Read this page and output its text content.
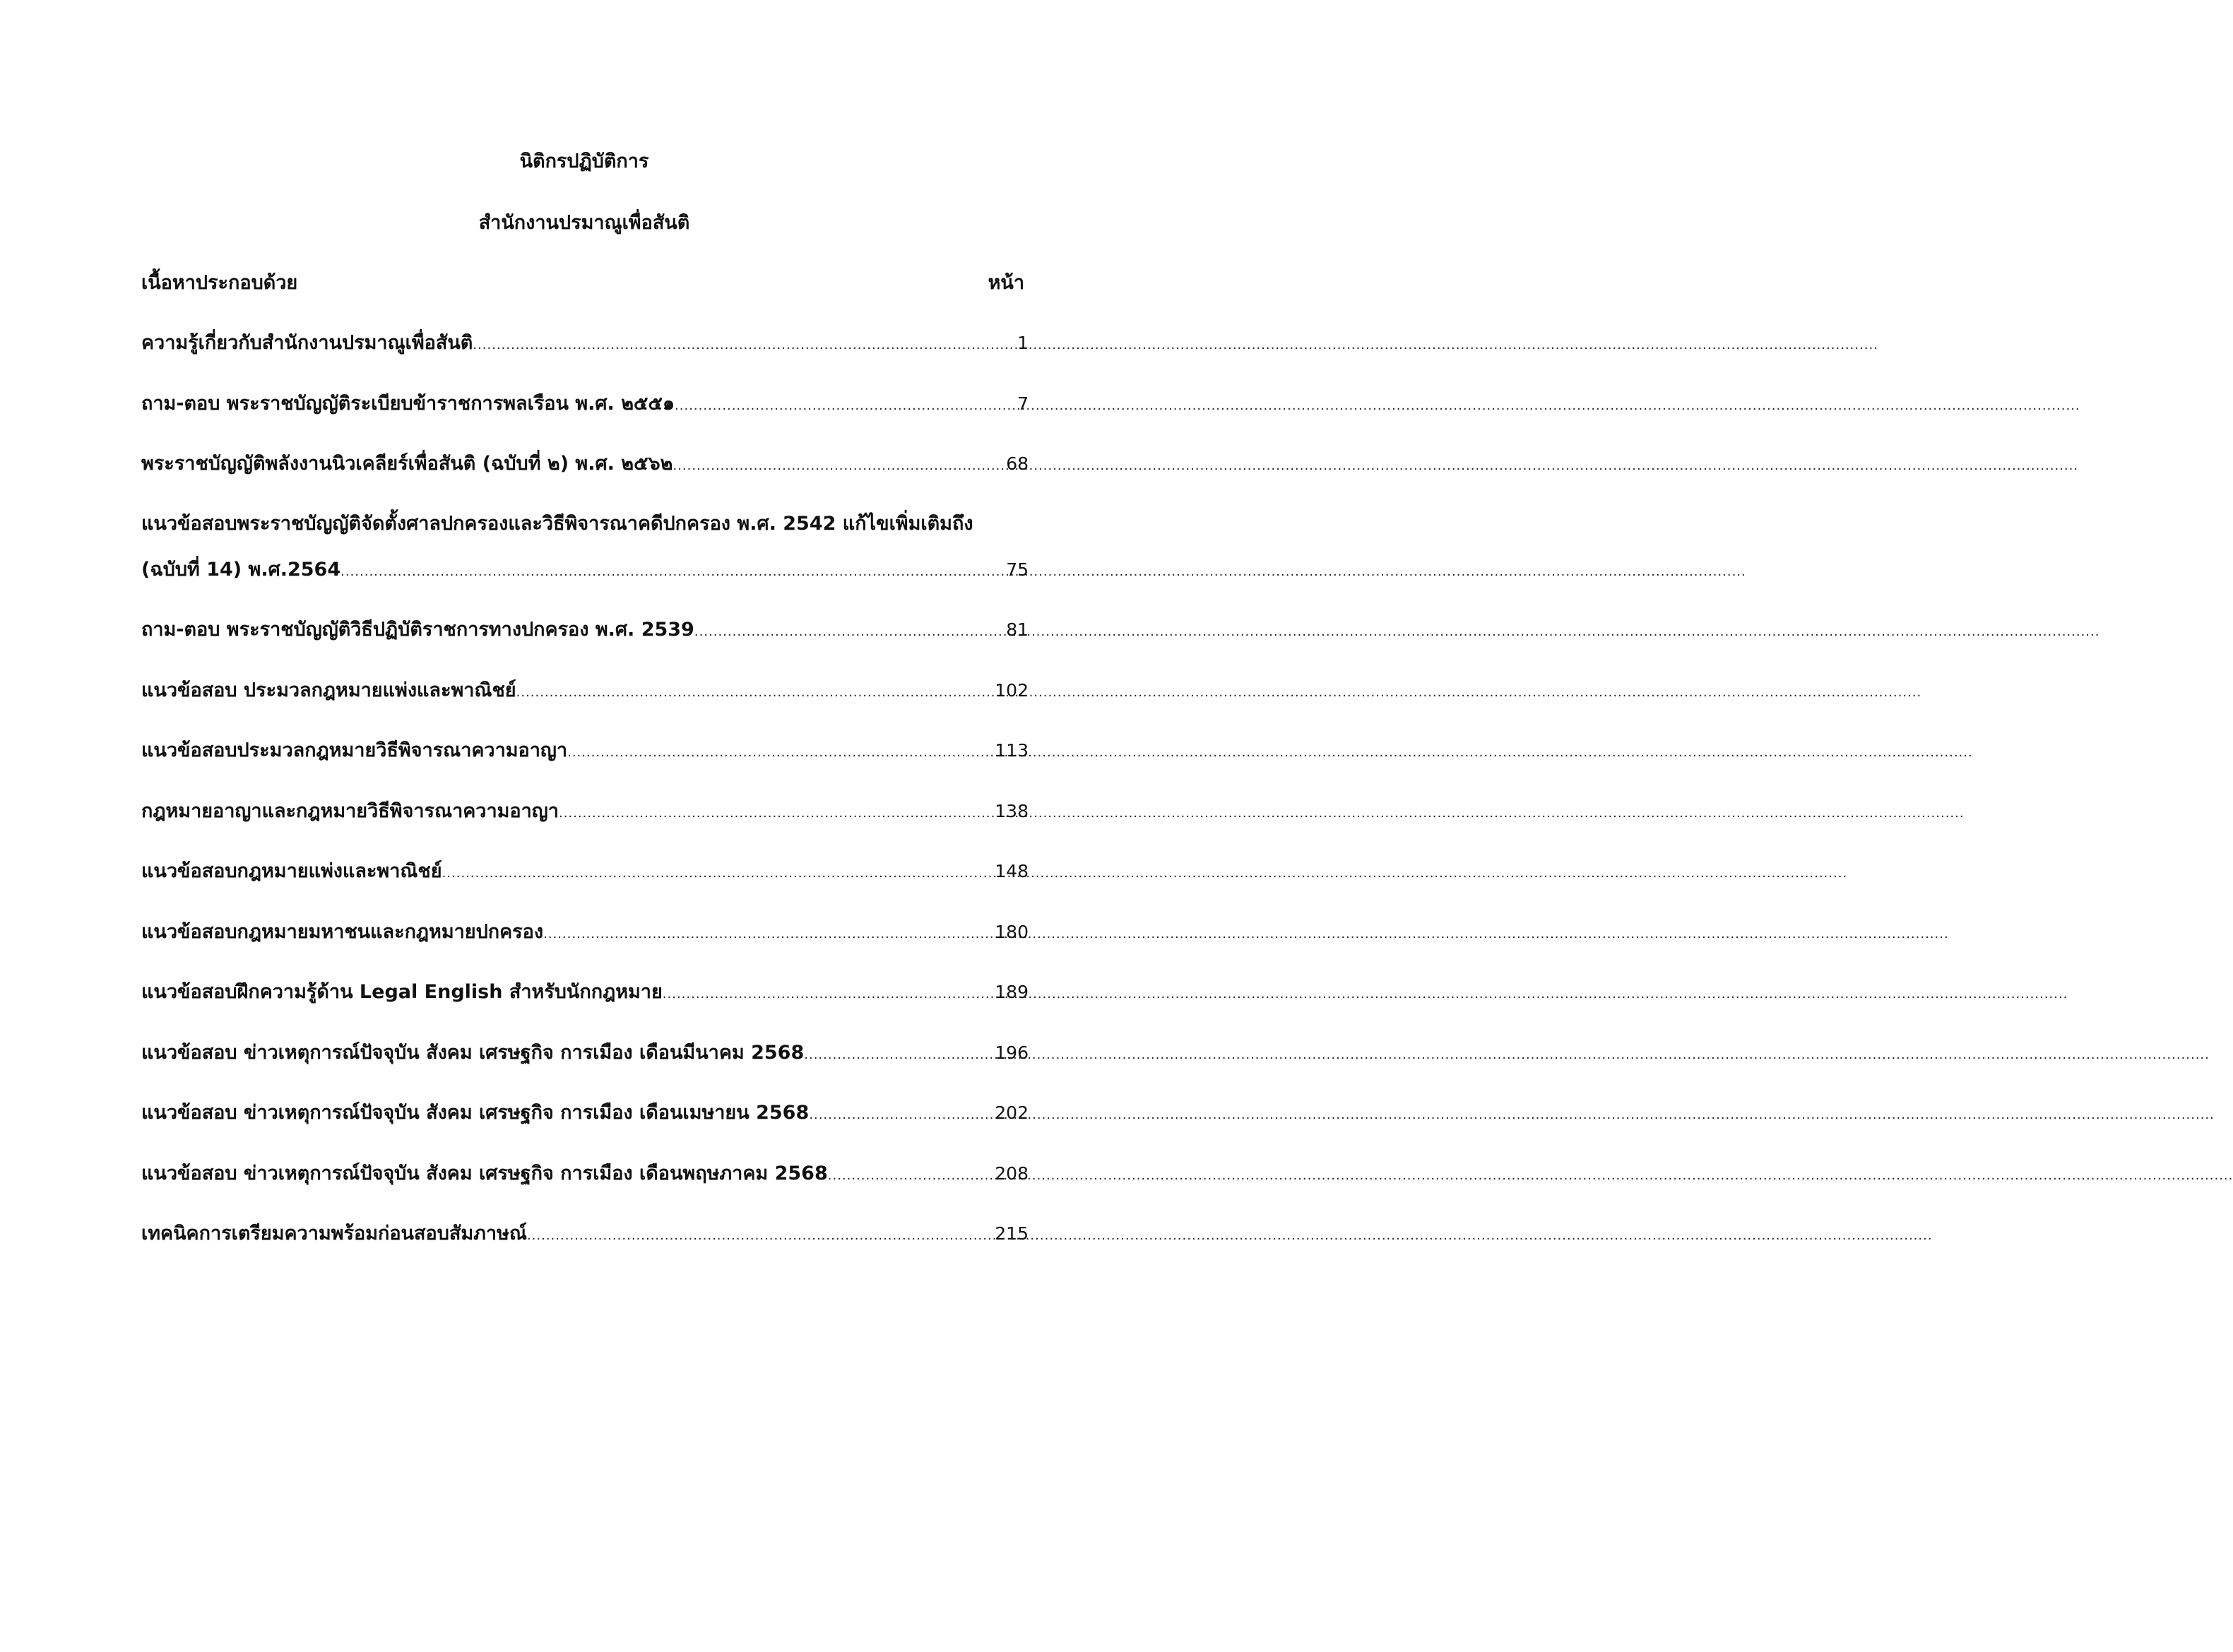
นิติกรปฏิบัติการ
สำนักงานปรมาณูเพื่อสันติ
เนื้อหาประกอบด้วย	หน้า
ความรู้เกี่ยวกับสำนักงานปรมาณูเพื่อสันติ .....	1
ถาม-ตอบ พระราชบัญญัติระเบียบข้าราชการพลเรือน พ.ศ. ๒๕๕๑ .....	7
พระราชบัญญัติพลังงานนิวเคลียร์เพื่อสันติ (ฉบับที่ ๒) พ.ศ. ๒๕๖๒ .....	68
แนวข้อสอบพระราชบัญญัติจัดตั้งศาลปกครองและวิธีพิจารณาคดีปกครอง พ.ศ. 2542 แก้ไขเพิ่มเติมถึง
(ฉบับที่ 14) พ.ศ.2564 .....	75
ถาม-ตอบ พระราชบัญญัติวิธีปฏิบัติราชการทางปกครอง พ.ศ. 2539 .....	81
แนวข้อสอบ ประมวลกฎหมายแพ่งและพาณิชย์ .....	102
แนวข้อสอบประมวลกฎหมายวิธีพิจารณาความอาญา .....	113
กฎหมายอาญาและกฎหมายวิธีพิจารณาความอาญา .....	138
แนวข้อสอบกฎหมายแพ่งและพาณิชย์ .....	148
แนวข้อสอบกฎหมายมหาชนและกฎหมายปกครอง .....	180
แนวข้อสอบฝึกความรู้ด้าน Legal English สำหรับนักกฎหมาย .....	189
แนวข้อสอบ ข่าวเหตุการณ์ปัจจุบัน สังคม เศรษฐกิจ การเมือง เดือนมีนาคม 2568 .....	196
แนวข้อสอบ ข่าวเหตุการณ์ปัจจุบัน สังคม เศรษฐกิจ การเมือง เดือนเมษายน 2568 .....	202
แนวข้อสอบ ข่าวเหตุการณ์ปัจจุบัน สังคม เศรษฐกิจ การเมือง เดือนพฤษภาคม 2568 .....	208
เทคนิคการเตรียมความพร้อมก่อนสอบสัมภาษณ์ .....	215
